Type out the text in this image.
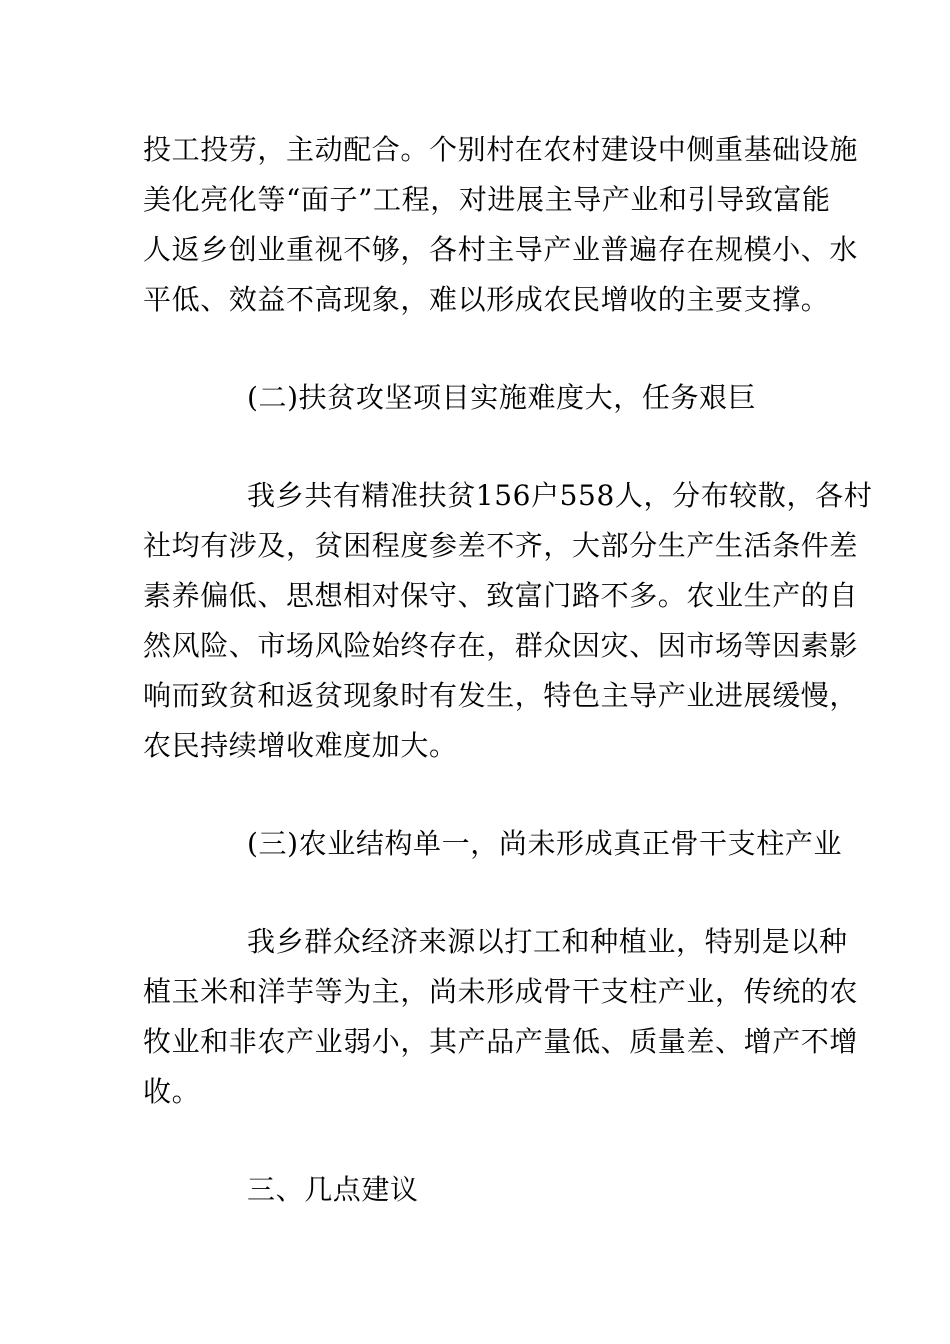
投工投劳，主动配合。个别村在农村建设中侧重基础设施
美化亮化等“面子”工程，对进展主导产业和引导致富能
人返乡创业重视不够，各村主导产业普遍存在规模小、水
平低、效益不高现象，难以形成农民增收的主要支撑。
(二)扶贫攻坚项目实施难度大，任务艰巨
我乡共有精准扶贫156户558人，分布较散，各村
社均有涉及，贫困程度参差不齐，大部分生产生活条件差
素养偏低、思想相对保守、致富门路不多。农业生产的自
然风险、市场风险始终存在，群众因灾、因市场等因素影
响而致贫和返贫现象时有发生，特色主导产业进展缓慢，
农民持续增收难度加大。
(三)农业结构单一，尚未形成真正骨干支柱产业
我乡群众经济来源以打工和种植业，特别是以种
植玉米和洋芋等为主，尚未形成骨干支柱产业，传统的农
牧业和非农产业弱小，其产品产量低、质量差、增产不增
收。
三、几点建议
